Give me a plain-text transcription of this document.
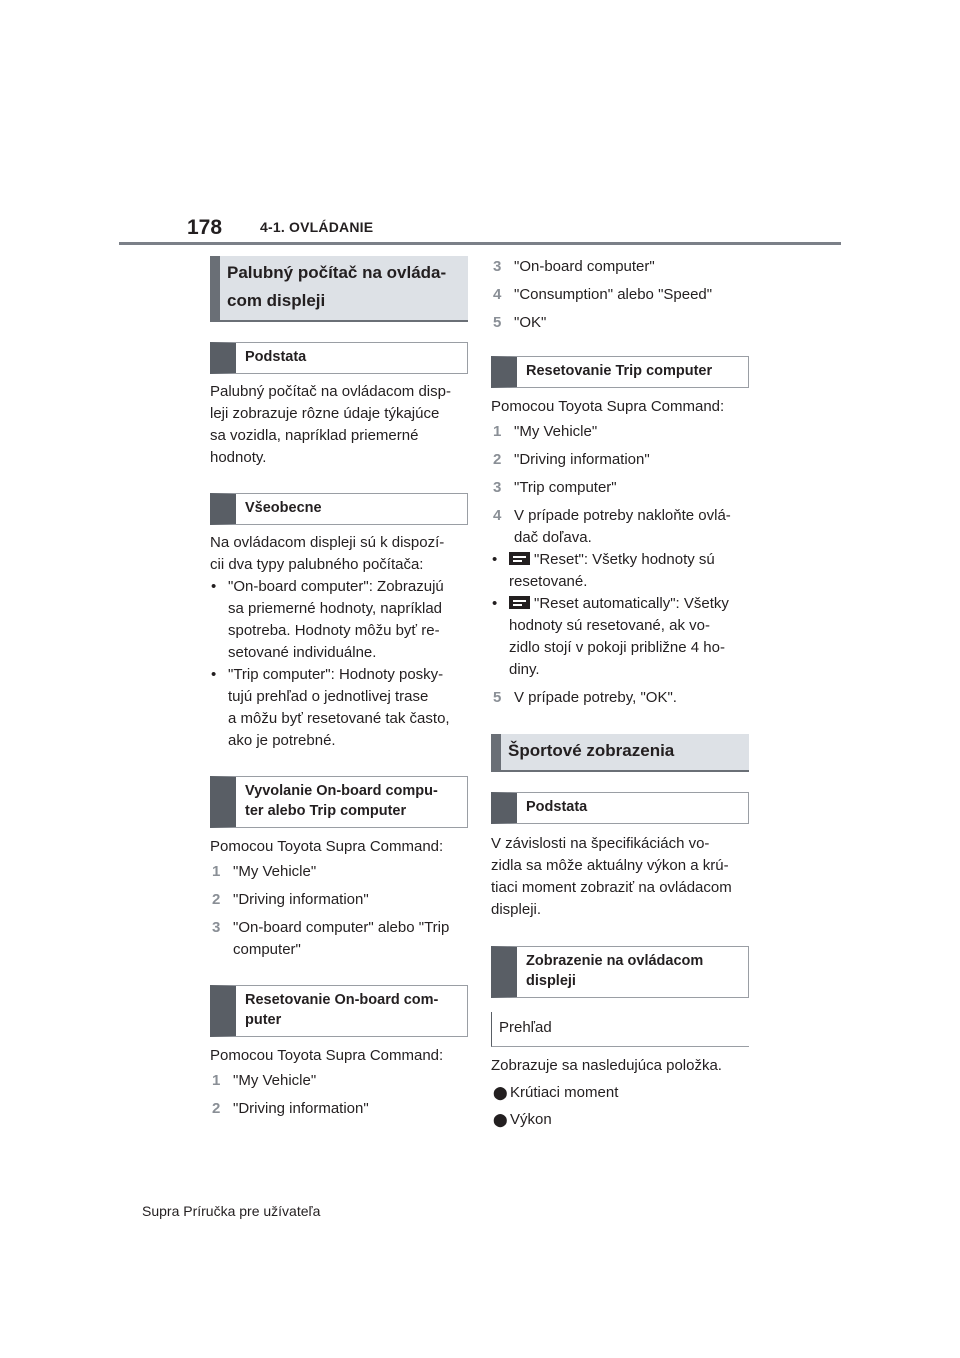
178	4-1. OVLÁDANIE
Palubný počítač na ovláda-
com displeji
Podstata

Palubný počítač na ovládacom disp-
leji zobrazuje rôzne údaje týkajúce
sa vozidla, napríklad priemerné
hodnoty.

Všeobecne

Na ovládacom displeji sú k dispozí-
cii dva typy palubného počítača:

• "On-board computer": Zobrazujú
sa priemerné hodnoty, napríklad
spotreba. Hodnoty môžu byť re-
setované individuálne.
• "Trip computer": Hodnoty posky-
tujú prehľad o jednotlivej trase
a môžu byť resetované tak často,
ako je potrebné.
Vyvolanie On-board compu-
ter alebo Trip computer

Pomocou Toyota Supra Command:

1 "My Vehicle"
2 "Driving information"
3 "On-board computer" alebo "Trip
computer"
Resetovanie On-board com-
puter

Pomocou Toyota Supra Command:

1 "My Vehicle"
2 "Driving information"
3 "On-board computer"
4 "Consumption" alebo "Speed"
5 "OK"
Resetovanie Trip computer

Pomocou Toyota Supra Command:

1 "My Vehicle"
2 "Driving information"
3 "Trip computer"
4 V prípade potreby nakloňte ovlá-
dač doľava.
• "Reset": Všetky hodnoty sú
resetované.
• "Reset automatically": Všetky
hodnoty sú resetované, ak vo-
zidlo stojí v pokoji približne 4 ho-
diny.
5 V prípade potreby, "OK".
Športové zobrazenia
Podstata

V závislosti na špecifikáciách vo-
zidla sa môže aktuálny výkon a krú-
tiaci moment zobraziť na ovládacom
displeji.

Zobrazenie na ovládacom
displeji
Prehľad

Zobrazuje sa nasledujúca položka.

⬤ Krútiaci moment
⬤ Výkon
Supra Príručka pre užívateľa
